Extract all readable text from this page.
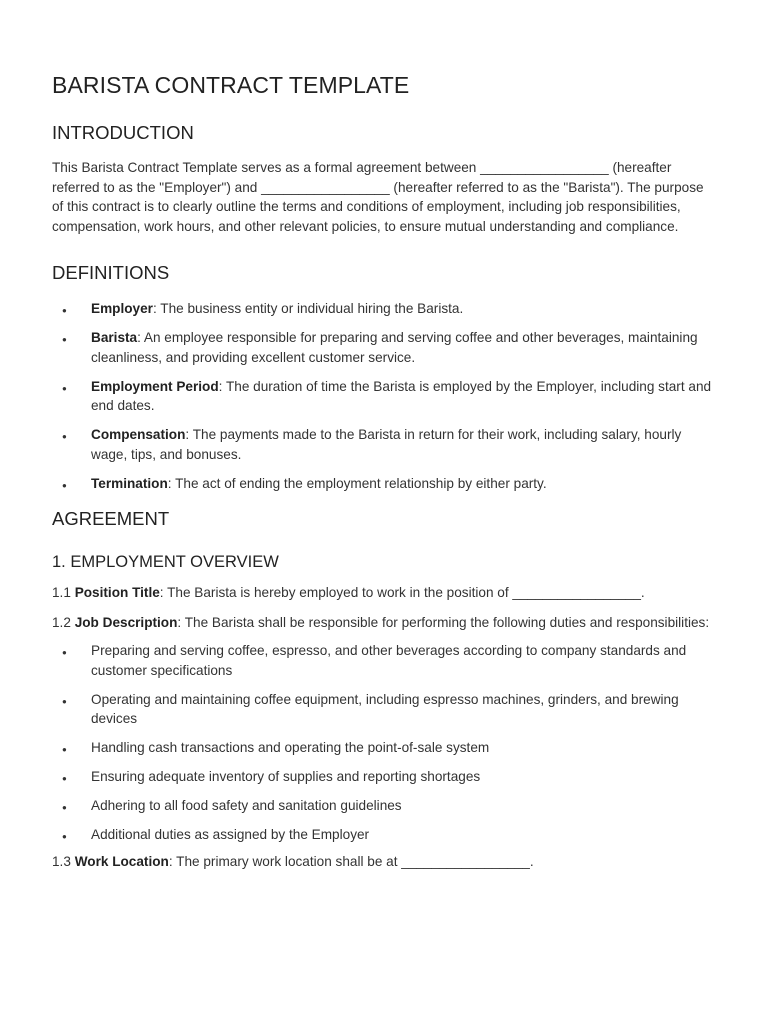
BARISTA CONTRACT TEMPLATE
INTRODUCTION

This Barista Contract Template serves as a formal agreement between _________________ (hereafter referred to as the "Employer") and _________________ (hereafter referred to as the "Barista"). The purpose of this contract is to clearly outline the terms and conditions of employment, including job responsibilities, compensation, work hours, and other relevant policies, to ensure mutual understanding and compliance.

DEFINITIONS
● Employer: The business entity or individual hiring the Barista.
● Barista: An employee responsible for preparing and serving coffee and other beverages, maintaining cleanliness, and providing excellent customer service.
● Employment Period: The duration of time the Barista is employed by the Employer, including start and end dates.
● Compensation: The payments made to the Barista in return for their work, including salary, hourly wage, tips, and bonuses.
● Termination: The act of ending the employment relationship by either party.
AGREEMENT
1. EMPLOYMENT OVERVIEW

1.1 Position Title: The Barista is hereby employed to work in the position of _________________.

1.2 Job Description: The Barista shall be responsible for performing the following duties and responsibilities:

● Preparing and serving coffee, espresso, and other beverages according to company standards and customer specifications
● Operating and maintaining coffee equipment, including espresso machines, grinders, and brewing devices
● Handling cash transactions and operating the point-of-sale system
● Ensuring adequate inventory of supplies and reporting shortages
● Adhering to all food safety and sanitation guidelines
● Additional duties as assigned by the Employer

1.3 Work Location: The primary work location shall be at _________________.
